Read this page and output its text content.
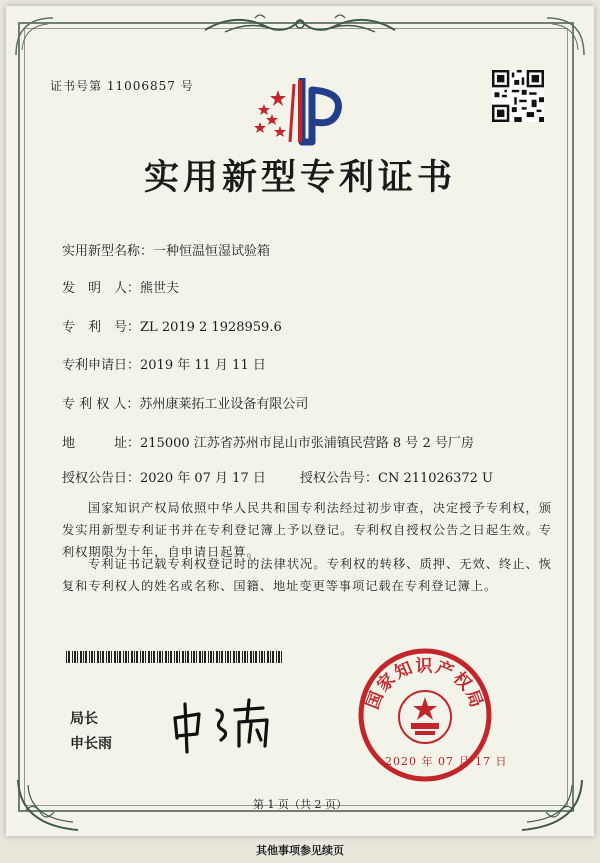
证书号第 11006857 号
实用新型专利证书
实用新型名称：一种恒温恒湿试验箱
发　明　人：熊世夫
专　利　号：ZL 2019 2 1928959.6
专利申请日：2019 年 11 月 11 日
专 利 权 人：苏州康莱拓工业设备有限公司
地　　　址：215000 江苏省苏州市昆山市张浦镇民营路 8 号 2 号厂房
授权公告日：2020 年 07 月 17 日	授权公告号：CN 211026372 U
国家知识产权局依照中华人民共和国专利法经过初步审查，决定授予专利权，颁发实用新型专利证书并在专利登记簿上予以登记。专利权自授权公告之日起生效。专利权期限为十年，自申请日起算。
专利证书记载专利权登记时的法律状况。专利权的转移、质押、无效、终止、恢复和专利权人的姓名或名称、国籍、地址变更等事项记载在专利登记簿上。
局长
申长雨
国家知识产权局
2020 年 07 月 17 日
第 1 页（共 2 页）
其他事项参见续页
